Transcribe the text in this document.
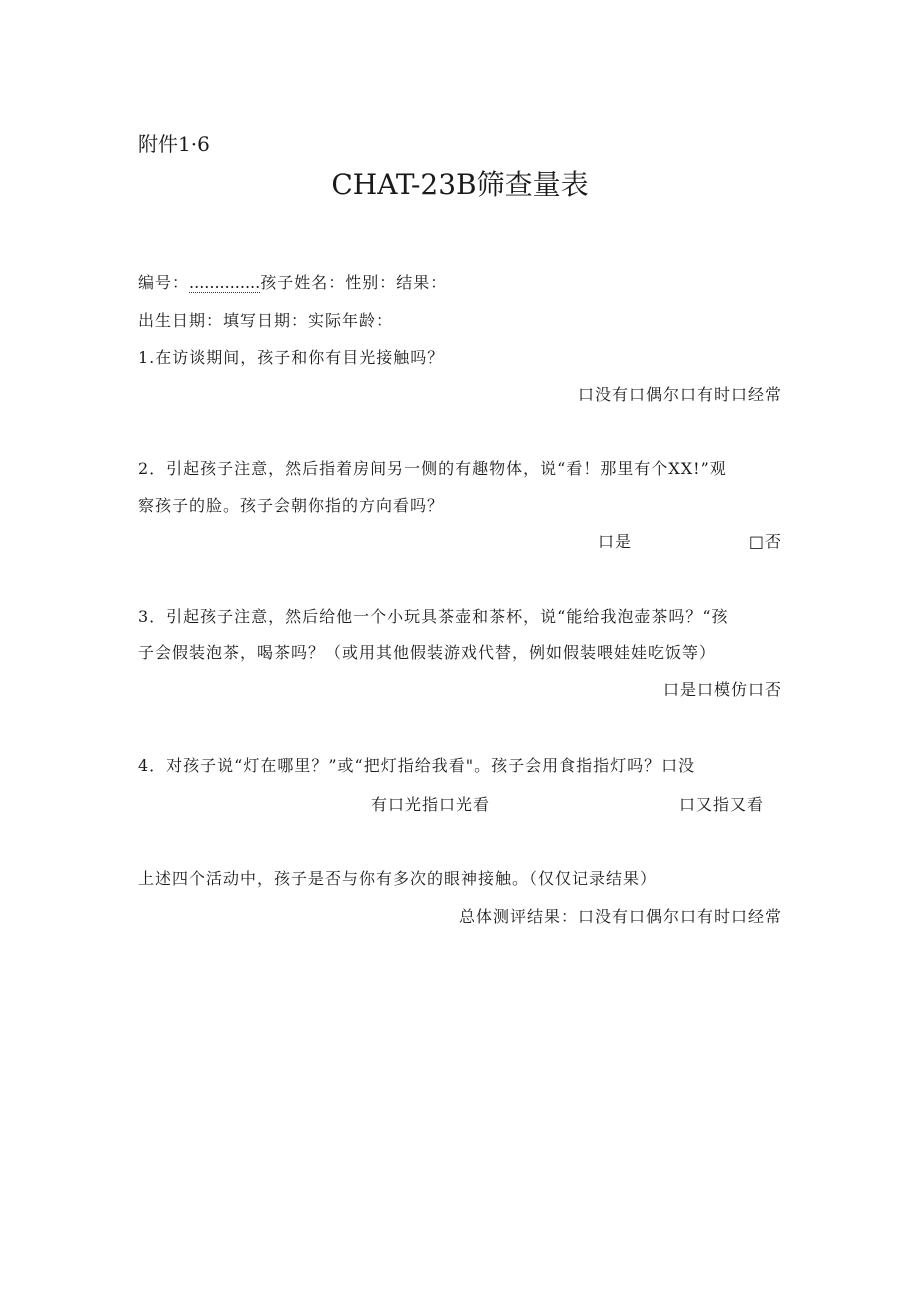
附件1·6
CHAT-23B筛查量表
编号：..............孩子姓名：性别：结果：
出生日期：填写日期：实际年龄：
1.在访谈期间，孩子和你有目光接触吗？
口没有口偶尔口有时口经常
2．引起孩子注意，然后指着房间另一侧的有趣物体，说“看！那里有个XX!”观
察孩子的脸。孩子会朝你指的方向看吗？
口是	□否
3．引起孩子注意，然后给他一个小玩具茶壶和茶杯，说“能给我泡壶茶吗？“孩
子会假装泡茶，喝茶吗？（或用其他假装游戏代替，例如假装喂娃娃吃饭等）
口是口模仿口否
4．对孩子说“灯在哪里？”或“把灯指给我看"。孩子会用食指指灯吗？口没
有口光指口光看	口又指又看
上述四个活动中，孩子是否与你有多次的眼神接触。（仅仅记录结果）
总体测评结果：口没有口偶尔口有时口经常
